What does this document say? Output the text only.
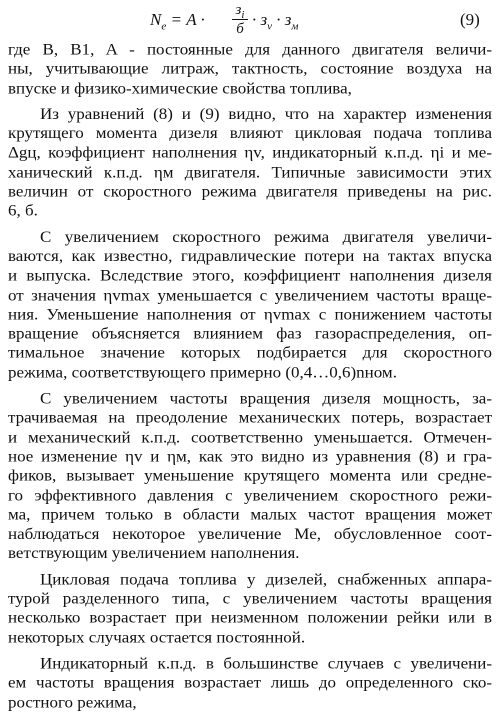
$N_е = A \cdot з_i$
$б \cdot з_v \cdot з_м$	(9)

где B, B1, A - постоянные для данного двигателя величи-
ны, учитывающие литраж, тактность, состояние воздуха на
впуске и физико-химические свойства топлива,

Из уравнений (8) и (9) видно, что на характер изменения
крутящего момента дизеля влияют цикловая подача топлива
Δgц, коэффициент наполнения ηv, индикаторный к.п.д. ηi и ме-
ханический к.п.д. ηм двигателя. Типичные зависимости этих
величин от скоростного режима двигателя приведены на рис.
6, б.

С увеличением скоростного режима двигателя увеличи-
ваются, как известно, гидравлические потери на тактах впуска
и выпуска. Вследствие этого, коэффициент наполнения дизеля
от значения ηvmax уменьшается с увеличением частоты враще-
ния. Уменьшение наполнения от ηvmax с понижением частоты
вращение объясняется влиянием фаз газораспределения, оп-
тимальное значение которых подбирается для скоростного
режима, соответствующего примерно (0,4…0,6)nном.

С увеличением частоты вращения дизеля мощность, за-
трачиваемая на преодоление механических потерь, возрастает
и механический к.п.д. соответственно уменьшается. Отмечен-
ное изменение ηv и ηм, как это видно из уравнения (8) и гра-
фиков, вызывает уменьшение крутящего момента или средне-
го эффективного давления с увеличением скоростного режи-
ма, причем только в области малых частот вращения может
наблюдаться некоторое увеличение Ме, обусловленное соот-
ветствующим увеличением наполнения.

Цикловая подача топлива у дизелей, снабженных аппара-
турой разделенного типа, с увеличением частоты вращения
несколько возрастает при неизменном положении рейки или в
некоторых случаях остается постоянной.

Индикаторный к.п.д. в большинстве случаев с увеличени-
ем частоты вращения возрастает лишь до определенного ско-
ростного режима,
